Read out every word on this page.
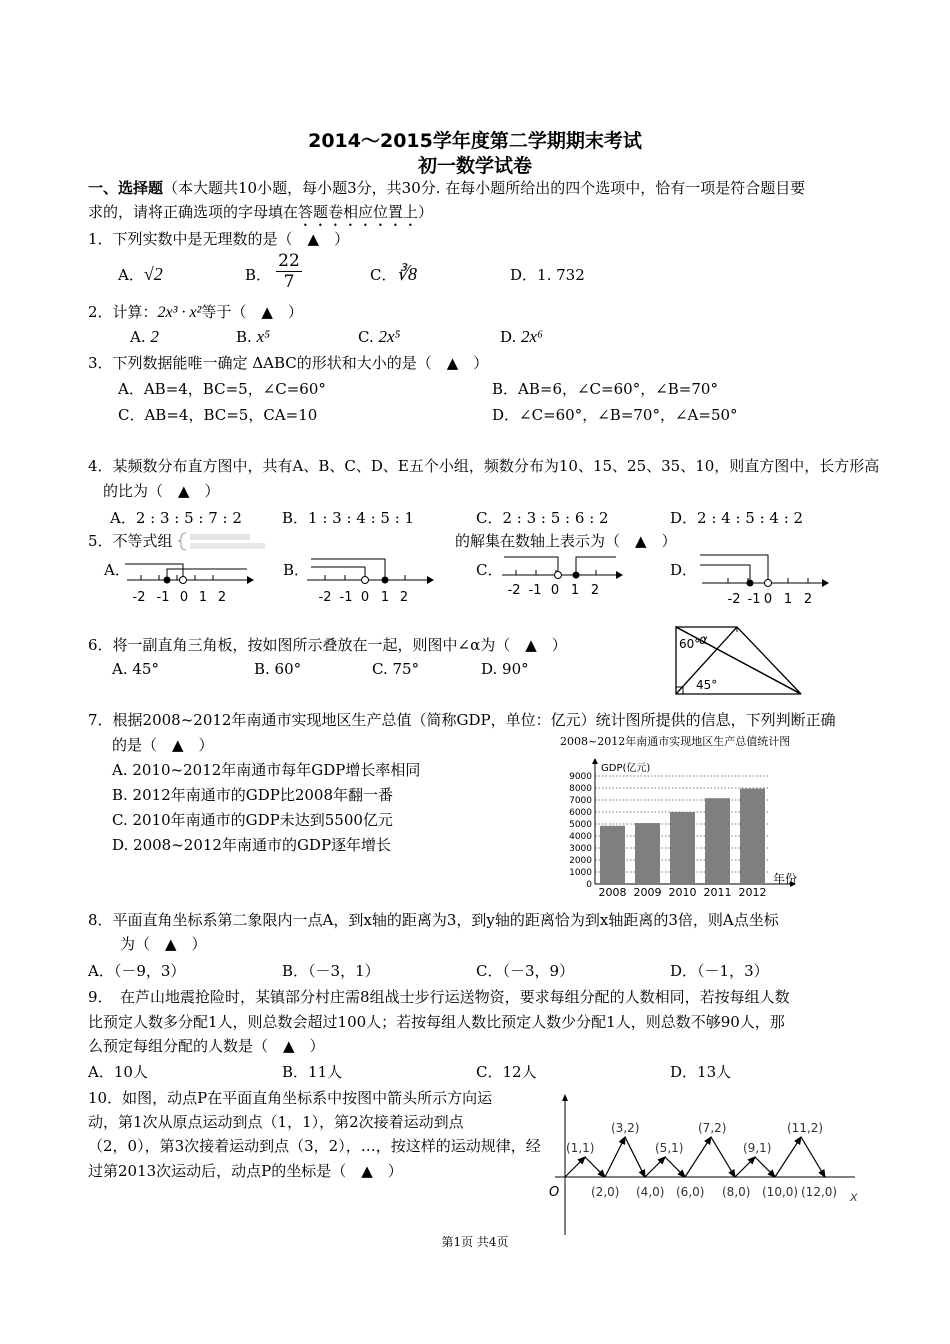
2014～2015学年度第二学期期末考试
初一数学试卷
一、选择题（本大题共10小题，每小题3分，共30分. 在每小题所给出的四个选项中，恰有一项是符合题目要
求的，请将正确选项的字母填在答题卷相应位置上）
1．下列实数中是无理数的是（　▲　）
A．√2	B．
22
7	C．∛8	D．1. 732
2．计算：2x³ · x²等于（　▲　）
A. 2	B. x⁵	C. 2x⁵	D. 2x⁶
3．下列数据能唯一确定 ΔABC的形状和大小的是（　▲　）
A．AB=4，BC=5，∠C=60°	B．AB=6，∠C=60°，∠B=70°
C．AB=4，BC=5，CA=10	D．∠C=60°，∠B=70°，∠A=50°
4．某频数分布直方图中，共有A、B、C、D、E五个小组，频数分布为10、15、25、35、10，则直方图中，长方形高
的比为（　▲　）
A．2 : 3 : 5 : 7 : 2	B．1 : 3 : 4 : 5 : 1	C．2 : 3 : 5 : 6 : 2	D．2 : 4 : 5 : 4 : 2
5．不等式组	的解集在数轴上表示为（　▲　）
A．	B．	C．	D．
-2 -1 0 1 2	-2 -1 0 1 2	-2 -1 0 1 2
-2 -1 0 1 2
6．将一副直角三角板，按如图所示叠放在一起，则图中∠α为（　▲　）
A. 45°	B. 60°	C. 75°	D. 90°
60°
α
45°
7．根据2008~2012年南通市实现地区生产总值（简称GDP，单位：亿元）统计图所提供的信息，下列判断正确
的是（　▲　）
A. 2010~2012年南通市每年GDP增长率相同
B. 2012年南通市的GDP比2008年翻一番
C. 2010年南通市的GDP未达到5500亿元
D. 2008~2012年南通市的GDP逐年增长
2008~2012年南通市实现地区生产总值统计图
0
1000
2000
3000
4000
5000
6000
7000
8000
9000
GDP(亿元)
年份
2008 2009 2010 2011 2012
8．平面直角坐标系第二象限内一点A，到x轴的距离为3，到y轴的距离恰为到x轴距离的3倍，则A点坐标
为（　▲　）
A．（－9，3）	B．（－3，1）	C．（－3，9）	D．（－1，3）
9．　在芦山地震抢险时，某镇部分村庄需8组战士步行运送物资，要求每组分配的人数相同，若按每组人数
比预定人数多分配1人，则总数会超过100人；若按每组人数比预定人数少分配1人，则总数不够90人，那
么预定每组分配的人数是（　▲　）
A．10人	B．11人	C．12人	D．13人
10．如图，动点P在平面直角坐标系中按图中箭头所示方向运
动，第1次从原点运动到点（1，1），第2次接着运动到点
（2，0），第3次接着运动到点（3，2），…，按这样的运动规律，经
过第2013次运动后，动点P的坐标是（　▲　）
(1,1)
(3,2)
(5,1)
(7,2)
(9,1)
(11,2)
(2,0) (4,0) (6,0) (8,0) (10,0) (12,0)
O	x
第1页 共4页
